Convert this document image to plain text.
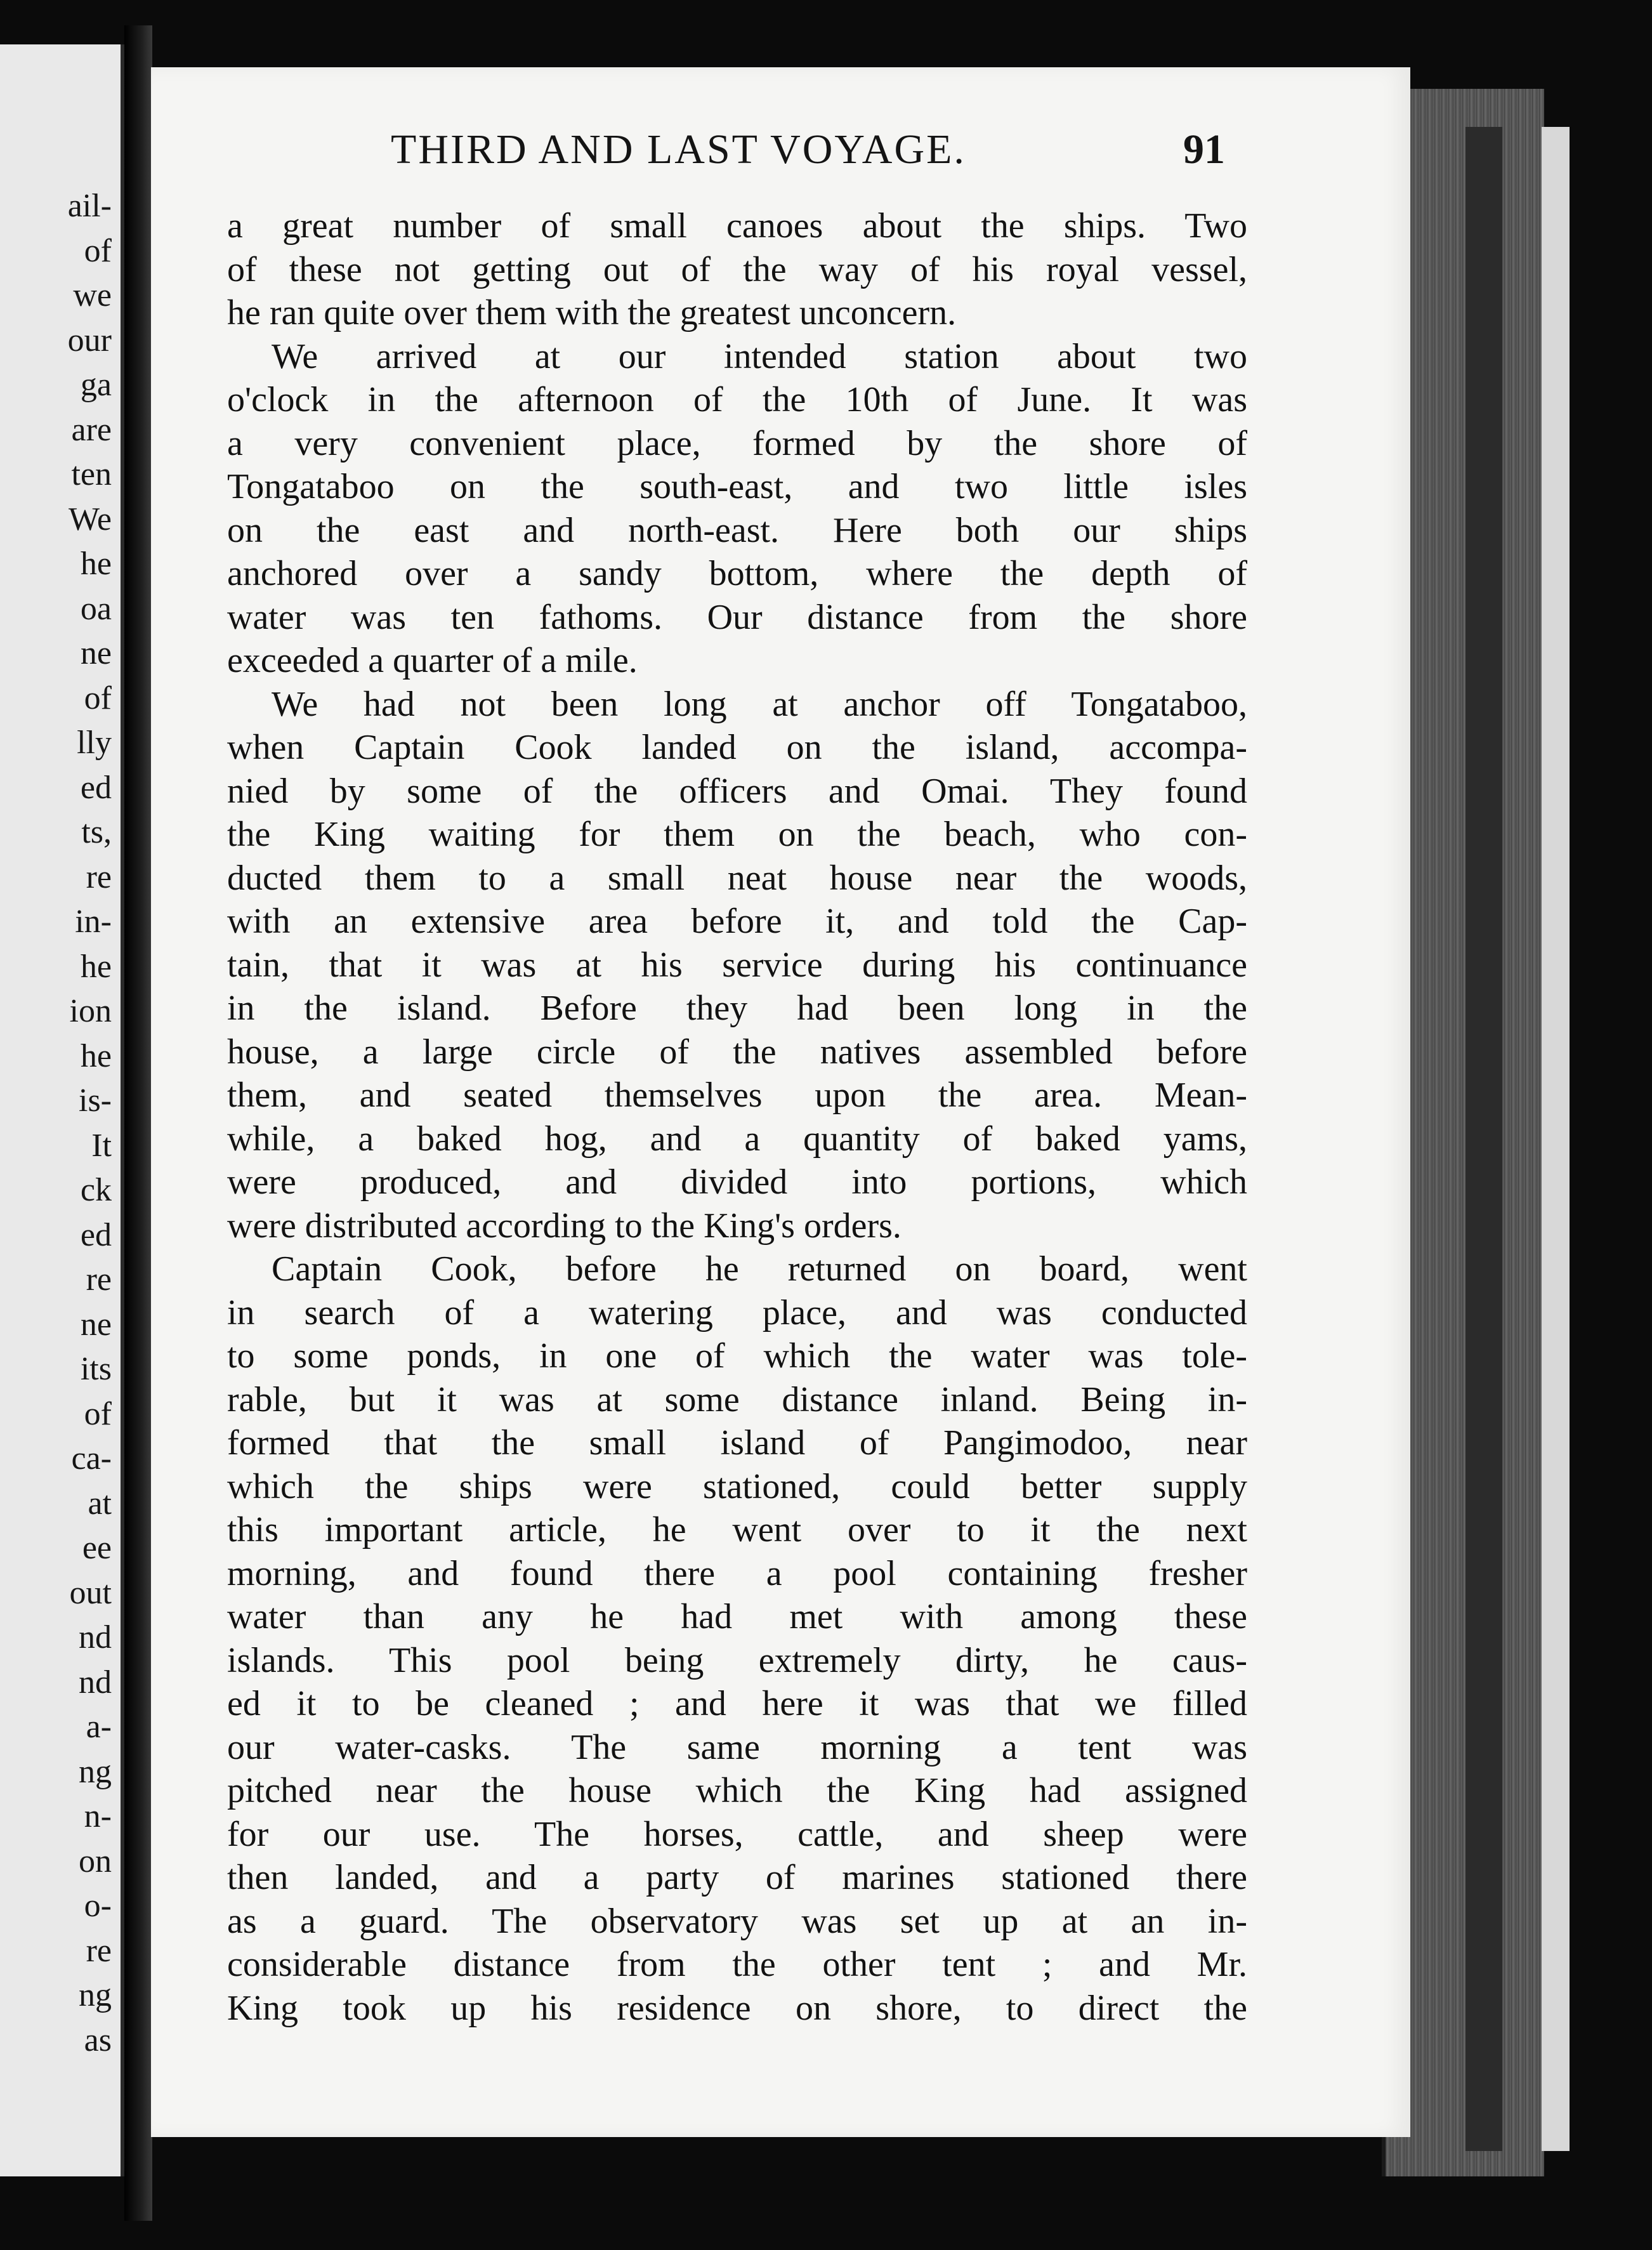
ail-
of
we
our
ga
are
ten
We
he
oa
ne
of
lly
ed
ts,
re
in-
he
ion
he
is-
It
ck
ed
re
ne
its
of
ca-
at
ee
out
nd
nd
a-
ng
n-
on
o-
re
ng
as
THIRD AND LAST VOYAGE.	91
a great number of small canoes about the ships. Two
of these not getting out of the way of his royal vessel,
he ran quite over them with the greatest unconcern.
We arrived at our intended station about two
o'clock in the afternoon of the 10th of June. It was
a very convenient place, formed by the shore of
Tongataboo on the south-east, and two little isles
on the east and north-east. Here both our ships
anchored over a sandy bottom, where the depth of
water was ten fathoms. Our distance from the shore
exceeded a quarter of a mile.
We had not been long at anchor off Tongataboo,
when Captain Cook landed on the island, accompa-
nied by some of the officers and Omai. They found
the King waiting for them on the beach, who con-
ducted them to a small neat house near the woods,
with an extensive area before it, and told the Cap-
tain, that it was at his service during his continuance
in the island. Before they had been long in the
house, a large circle of the natives assembled before
them, and seated themselves upon the area. Mean-
while, a baked hog, and a quantity of baked yams,
were produced, and divided into portions, which
were distributed according to the King's orders.
Captain Cook, before he returned on board, went
in search of a watering place, and was conducted
to some ponds, in one of which the water was tole-
rable, but it was at some distance inland. Being in-
formed that the small island of Pangimodoo, near
which the ships were stationed, could better supply
this important article, he went over to it the next
morning, and found there a pool containing fresher
water than any he had met with among these
islands. This pool being extremely dirty, he caus-
ed it to be cleaned ; and here it was that we filled
our water-casks. The same morning a tent was
pitched near the house which the King had assigned
for our use. The horses, cattle, and sheep were
then landed, and a party of marines stationed there
as a guard. The observatory was set up at an in-
considerable distance from the other tent ; and Mr.
King took up his residence on shore, to direct the
